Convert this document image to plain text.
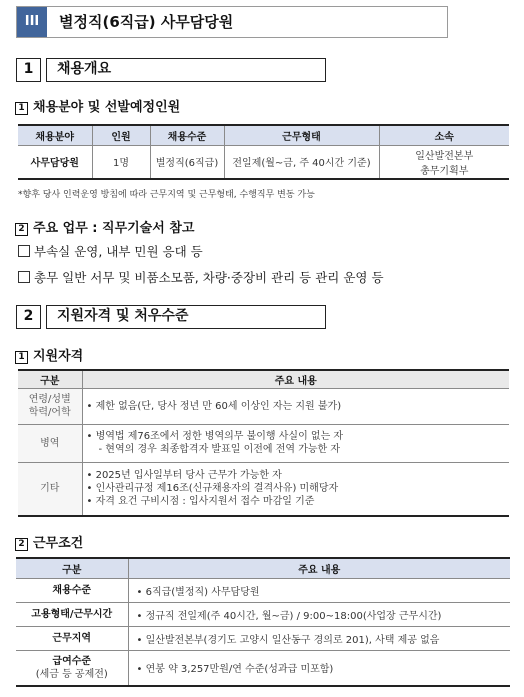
III	별정직(6직급) 사무담당원
1	채용개요
1 채용분야 및 선발예정인원
채용분야	인원	채용수준	근무형태	소속
사무담당원	1명	별정직(6직급)	전일제(월~금, 주 40시간 기준)	일산발전본부
총무기획부
*향후 당사 인력운영 방침에 따라 근무지역 및 근무형태, 수행직무 변동 가능
2 주요 업무 : 직무기술서 참고
부속실 운영, 내부 민원 응대 등
총무 일반 서무 및 비품소모품, 차량·중장비 관리 등 관리 운영 등
2	지원자격 및 처우수준
1 지원자격
구분	주요 내용

연령/성별
학력/어학	• 제한 없음(단, 당사 정년 만 60세 이상인 자는 지원 불가)

병역	• 병역법 제76조에서 정한 병역의무 불이행 사실이 없는 자
- 현역의 경우 최종합격자 발표일 이전에 전역 가능한 자

기타	• 2025년 입사일부터 당사 근무가 가능한 자
• 인사관리규정 제16조(신규채용자의 결격사유) 미해당자
• 자격 요건 구비시점 : 입사지원서 접수 마감일 기준
2 근무조건
구분	주요 내용
채용수준	• 6직급(별정직) 사무담당원
고용형태/근무시간	• 정규직 전일제(주 40시간, 월~금) / 9:00~18:00(사업장 근무시간)
근무지역	• 일산발전본부(경기도 고양시 일산동구 경의로 201), 사택 제공 없음

급여수준
(세금 등 공제전)	• 연봉 약 3,257만원/연 수준(성과급 미포함)
